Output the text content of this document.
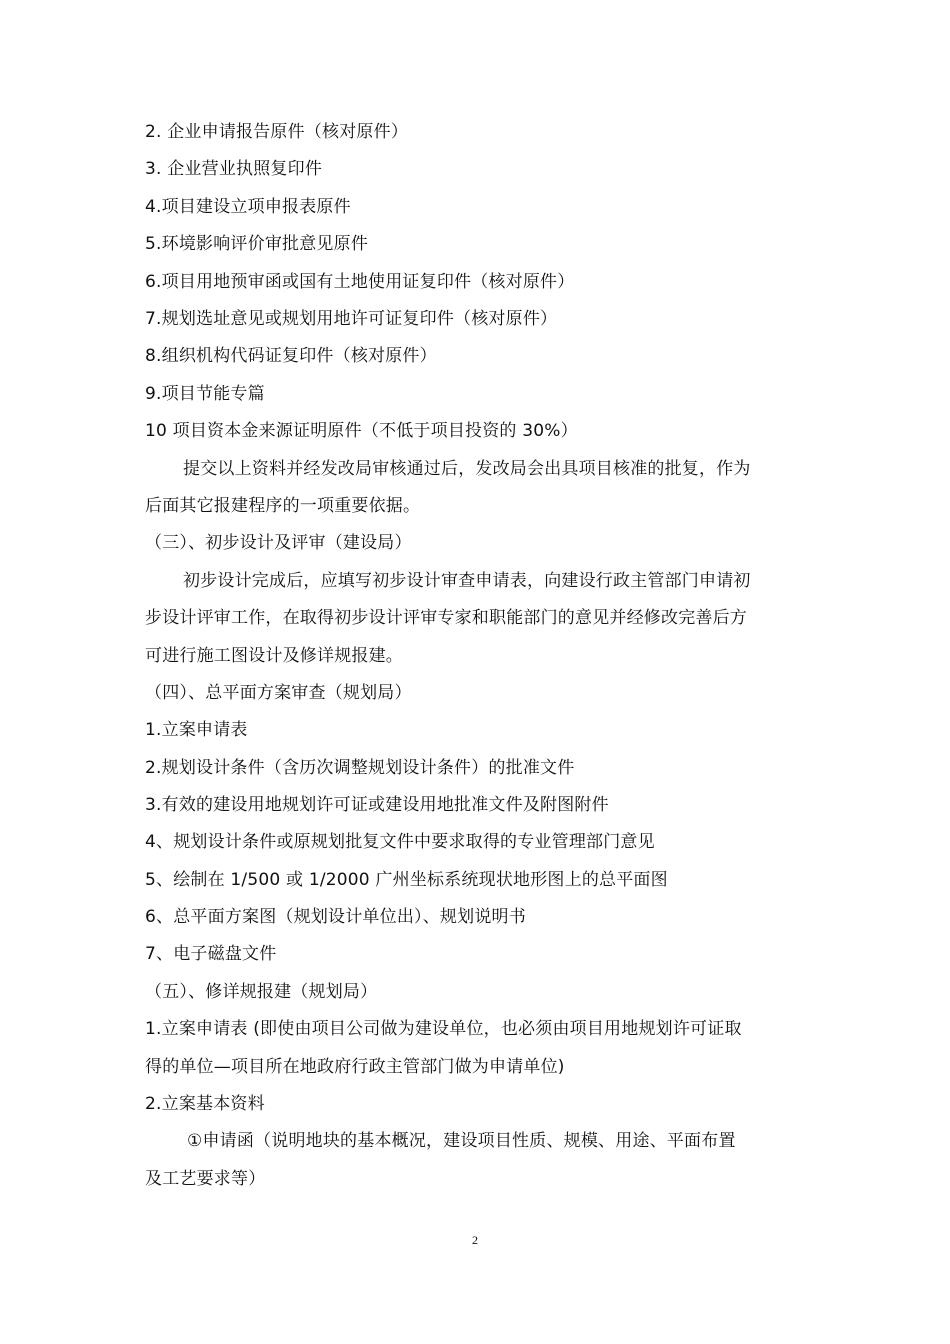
2. 企业申请报告原件（核对原件）
3. 企业营业执照复印件
4.项目建设立项申报表原件
5.环境影响评价审批意见原件
6.项目用地预审函或国有土地使用证复印件（核对原件）
7.规划选址意见或规划用地许可证复印件（核对原件）
8.组织机构代码证复印件（核对原件）
9.项目节能专篇
10 项目资本金来源证明原件（不低于项目投资的 30%）
提交以上资料并经发改局审核通过后，发改局会出具项目核准的批复，作为
后面其它报建程序的一项重要依据。
（三）、初步设计及评审（建设局）
初步设计完成后，应填写初步设计审查申请表，向建设行政主管部门申请初
步设计评审工作，在取得初步设计评审专家和职能部门的意见并经修改完善后方
可进行施工图设计及修详规报建。
（四）、总平面方案审查（规划局）
1.立案申请表
2.规划设计条件（含历次调整规划设计条件）的批准文件
3.有效的建设用地规划许可证或建设用地批准文件及附图附件
4、规划设计条件或原规划批复文件中要求取得的专业管理部门意见
5、绘制在 1/500 或 1/2000 广州坐标系统现状地形图上的总平面图
6、总平面方案图（规划设计单位出）、规划说明书
7、电子磁盘文件
（五）、修详规报建（规划局）
1.立案申请表 (即使由项目公司做为建设单位，也必须由项目用地规划许可证取
得的单位—项目所在地政府行政主管部门做为申请单位)
2.立案基本资料
①申请函（说明地块的基本概况，建设项目性质、规模、用途、平面布置
及工艺要求等）
2
